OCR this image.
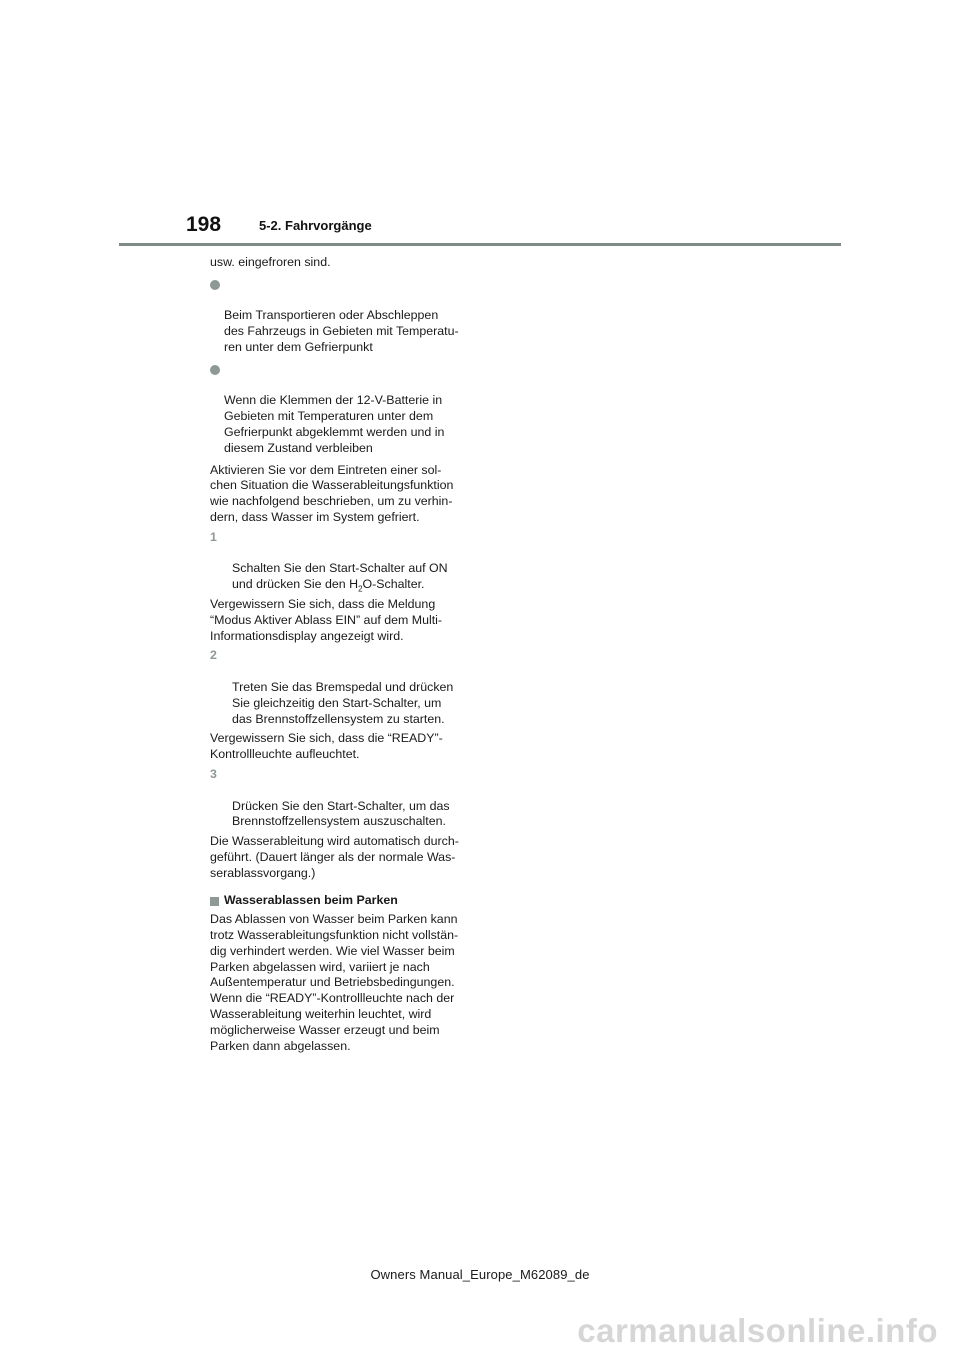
198	5-2. Fahrvorgänge

usw. eingefroren sind.

Beim Transportieren oder Abschleppen
des Fahrzeugs in Gebieten mit Temperatu-
ren unter dem Gefrierpunkt

Wenn die Klemmen der 12-V-Batterie in
Gebieten mit Temperaturen unter dem
Gefrierpunkt abgeklemmt werden und in
diesem Zustand verbleiben

Aktivieren Sie vor dem Eintreten einer sol-
chen Situation die Wasserableitungsfunktion
wie nachfolgend beschrieben, um zu verhin-
dern, dass Wasser im System gefriert.

1

Schalten Sie den Start-Schalter auf ON
und drücken Sie den $H_2O$-Schalter.

Vergewissern Sie sich, dass die Meldung
“Modus Aktiver Ablass EIN” auf dem Multi-
Informationsdisplay angezeigt wird.

2

Treten Sie das Bremspedal und drücken
Sie gleichzeitig den Start-Schalter, um
das Brennstoffzellensystem zu starten.

Vergewissern Sie sich, dass die “READY”-
Kontrollleuchte aufleuchtet.

3

Drücken Sie den Start-Schalter, um das
Brennstoffzellensystem auszuschalten.

Die Wasserableitung wird automatisch durch-
geführt. (Dauert länger als der normale Was-
serablassvorgang.)

Wasserablassen beim Parken

Das Ablassen von Wasser beim Parken kann
trotz Wasserableitungsfunktion nicht vollstän-
dig verhindert werden. Wie viel Wasser beim
Parken abgelassen wird, variiert je nach
Außentemperatur und Betriebsbedingungen.
Wenn die “READY”-Kontrollleuchte nach der
Wasserableitung weiterhin leuchtet, wird
möglicherweise Wasser erzeugt und beim
Parken dann abgelassen.

Owners Manual_Europe_M62089_de
carmanualsonline.info
